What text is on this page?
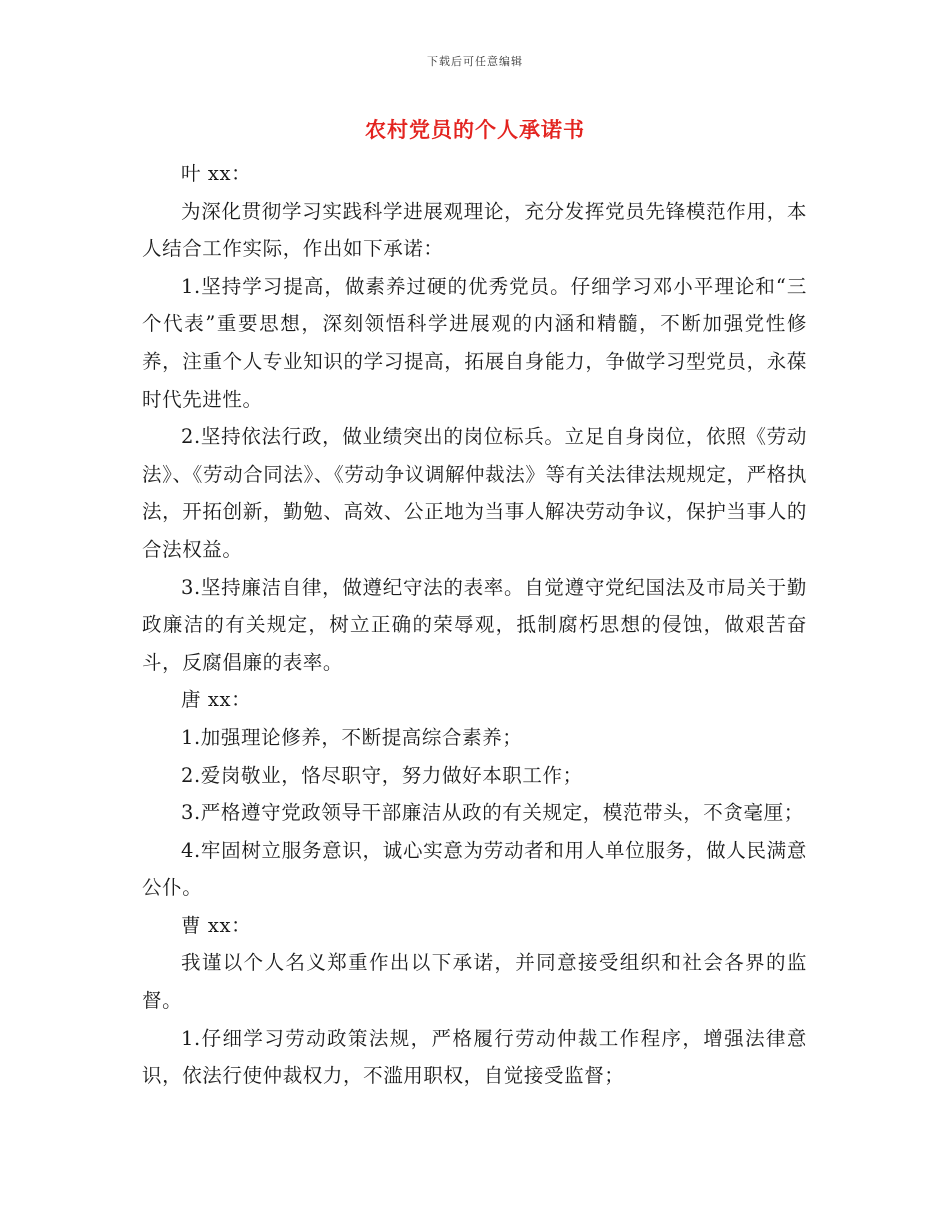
下载后可任意编辑
农村党员的个人承诺书

叶 xx：

为深化贯彻学习实践科学进展观理论，充分发挥党员先锋模范作用，本人结合工作实际，作出如下承诺：

1.坚持学习提高，做素养过硬的优秀党员。仔细学习邓小平理论和“三个代表”重要思想，深刻领悟科学进展观的内涵和精髓，不断加强党性修养，注重个人专业知识的学习提高，拓展自身能力，争做学习型党员，永葆时代先进性。

2.坚持依法行政，做业绩突出的岗位标兵。立足自身岗位，依照《劳动法》、《劳动合同法》、《劳动争议调解仲裁法》等有关法律法规规定，严格执法，开拓创新，勤勉、高效、公正地为当事人解决劳动争议，保护当事人的合法权益。

3.坚持廉洁自律，做遵纪守法的表率。自觉遵守党纪国法及市局关于勤政廉洁的有关规定，树立正确的荣辱观，抵制腐朽思想的侵蚀，做艰苦奋斗，反腐倡廉的表率。

唐 xx：

1.加强理论修养，不断提高综合素养；

2.爱岗敬业，恪尽职守，努力做好本职工作；

3.严格遵守党政领导干部廉洁从政的有关规定，模范带头，不贪毫厘；

4.牢固树立服务意识，诚心实意为劳动者和用人单位服务，做人民满意公仆。

曹 xx：

我谨以个人名义郑重作出以下承诺，并同意接受组织和社会各界的监督。

1.仔细学习劳动政策法规，严格履行劳动仲裁工作程序，增强法律意识，依法行使仲裁权力，不滥用职权，自觉接受监督；
